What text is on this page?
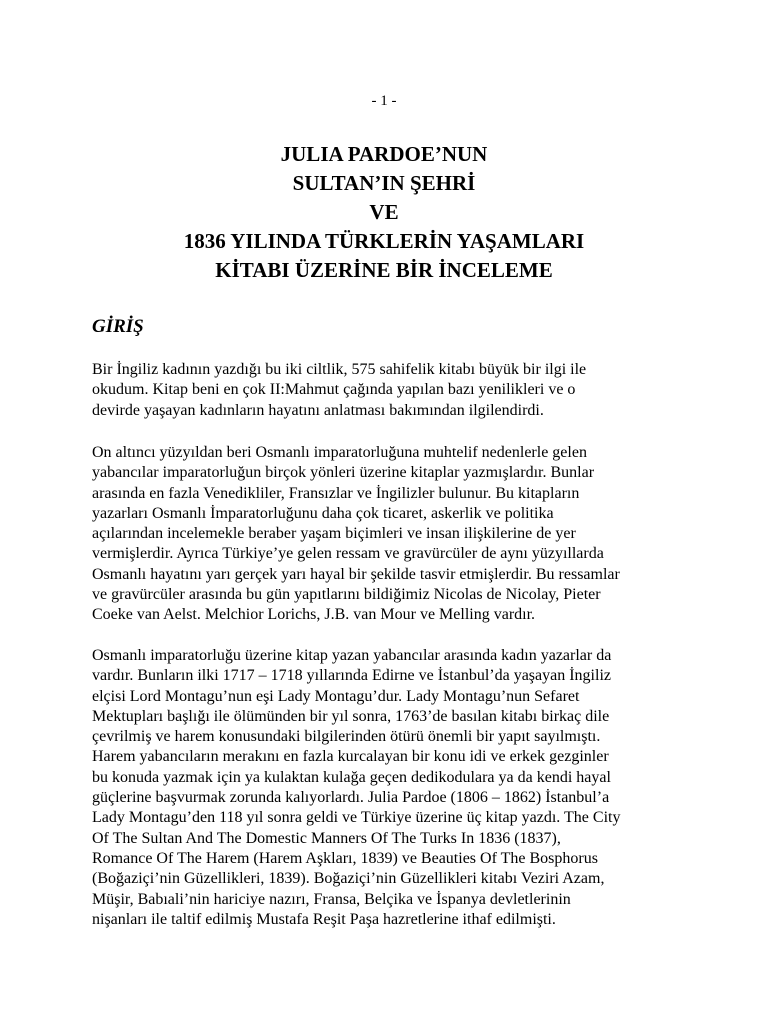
- 1 -
JULIA PARDOE’NUN
SULTAN’IN ŞEHRİ
VE
1836 YILINDA TÜRKLERİN YAŞAMLARI
KİTABI ÜZERİNE BİR İNCELEME
GİRİŞ

Bir İngiliz kadının yazdığı bu iki ciltlik, 575 sahifelik kitabı büyük bir ilgi ile
okudum. Kitap beni en çok II:Mahmut çağında yapılan bazı yenilikleri ve o
devirde yaşayan kadınların hayatını anlatması bakımından ilgilendirdi.

On altıncı yüzyıldan beri Osmanlı imparatorluğuna muhtelif nedenlerle gelen
yabancılar imparatorluğun birçok yönleri üzerine kitaplar yazmışlardır. Bunlar
arasında en fazla Venedikliler, Fransızlar ve İngilizler bulunur. Bu kitapların
yazarları Osmanlı İmparatorluğunu daha çok ticaret, askerlik ve politika
açılarından incelemekle beraber yaşam biçimleri ve insan ilişkilerine de yer
vermişlerdir. Ayrıca Türkiye’ye gelen ressam ve gravürcüler de aynı yüzyıllarda
Osmanlı hayatını yarı gerçek yarı hayal bir şekilde tasvir etmişlerdir. Bu ressamlar
ve gravürcüler arasında bu gün yapıtlarını bildiğimiz Nicolas de Nicolay, Pieter
Coeke van Aelst. Melchior Lorichs, J.B. van Mour ve Melling vardır.

Osmanlı imparatorluğu üzerine kitap yazan yabancılar arasında kadın yazarlar da
vardır. Bunların ilki 1717 – 1718 yıllarında Edirne ve İstanbul’da yaşayan İngiliz
elçisi Lord Montagu’nun eşi Lady Montagu’dur. Lady Montagu’nun Sefaret
Mektupları başlığı ile ölümünden bir yıl sonra, 1763’de basılan kitabı birkaç dile
çevrilmiş ve harem konusundaki bilgilerinden ötürü önemli bir yapıt sayılmıştı.
Harem yabancıların merakını en fazla kurcalayan bir konu idi ve erkek gezginler
bu konuda yazmak için ya kulaktan kulağa geçen dedikodulara ya da kendi hayal
güçlerine başvurmak zorunda kalıyorlardı. Julia Pardoe (1806 – 1862) İstanbul’a
Lady Montagu’den 118 yıl sonra geldi ve Türkiye üzerine üç kitap yazdı. The City
Of The Sultan And The Domestic Manners Of The Turks In 1836 (1837),
Romance Of The Harem (Harem Aşkları, 1839) ve Beauties Of The Bosphorus
(Boğaziçi’nin Güzellikleri, 1839). Boğaziçi’nin Güzellikleri kitabı Veziri Azam,
Müşir, Babıali’nin hariciye nazırı, Fransa, Belçika ve İspanya devletlerinin
nişanları ile taltif edilmiş Mustafa Reşit Paşa hazretlerine ithaf edilmişti.
